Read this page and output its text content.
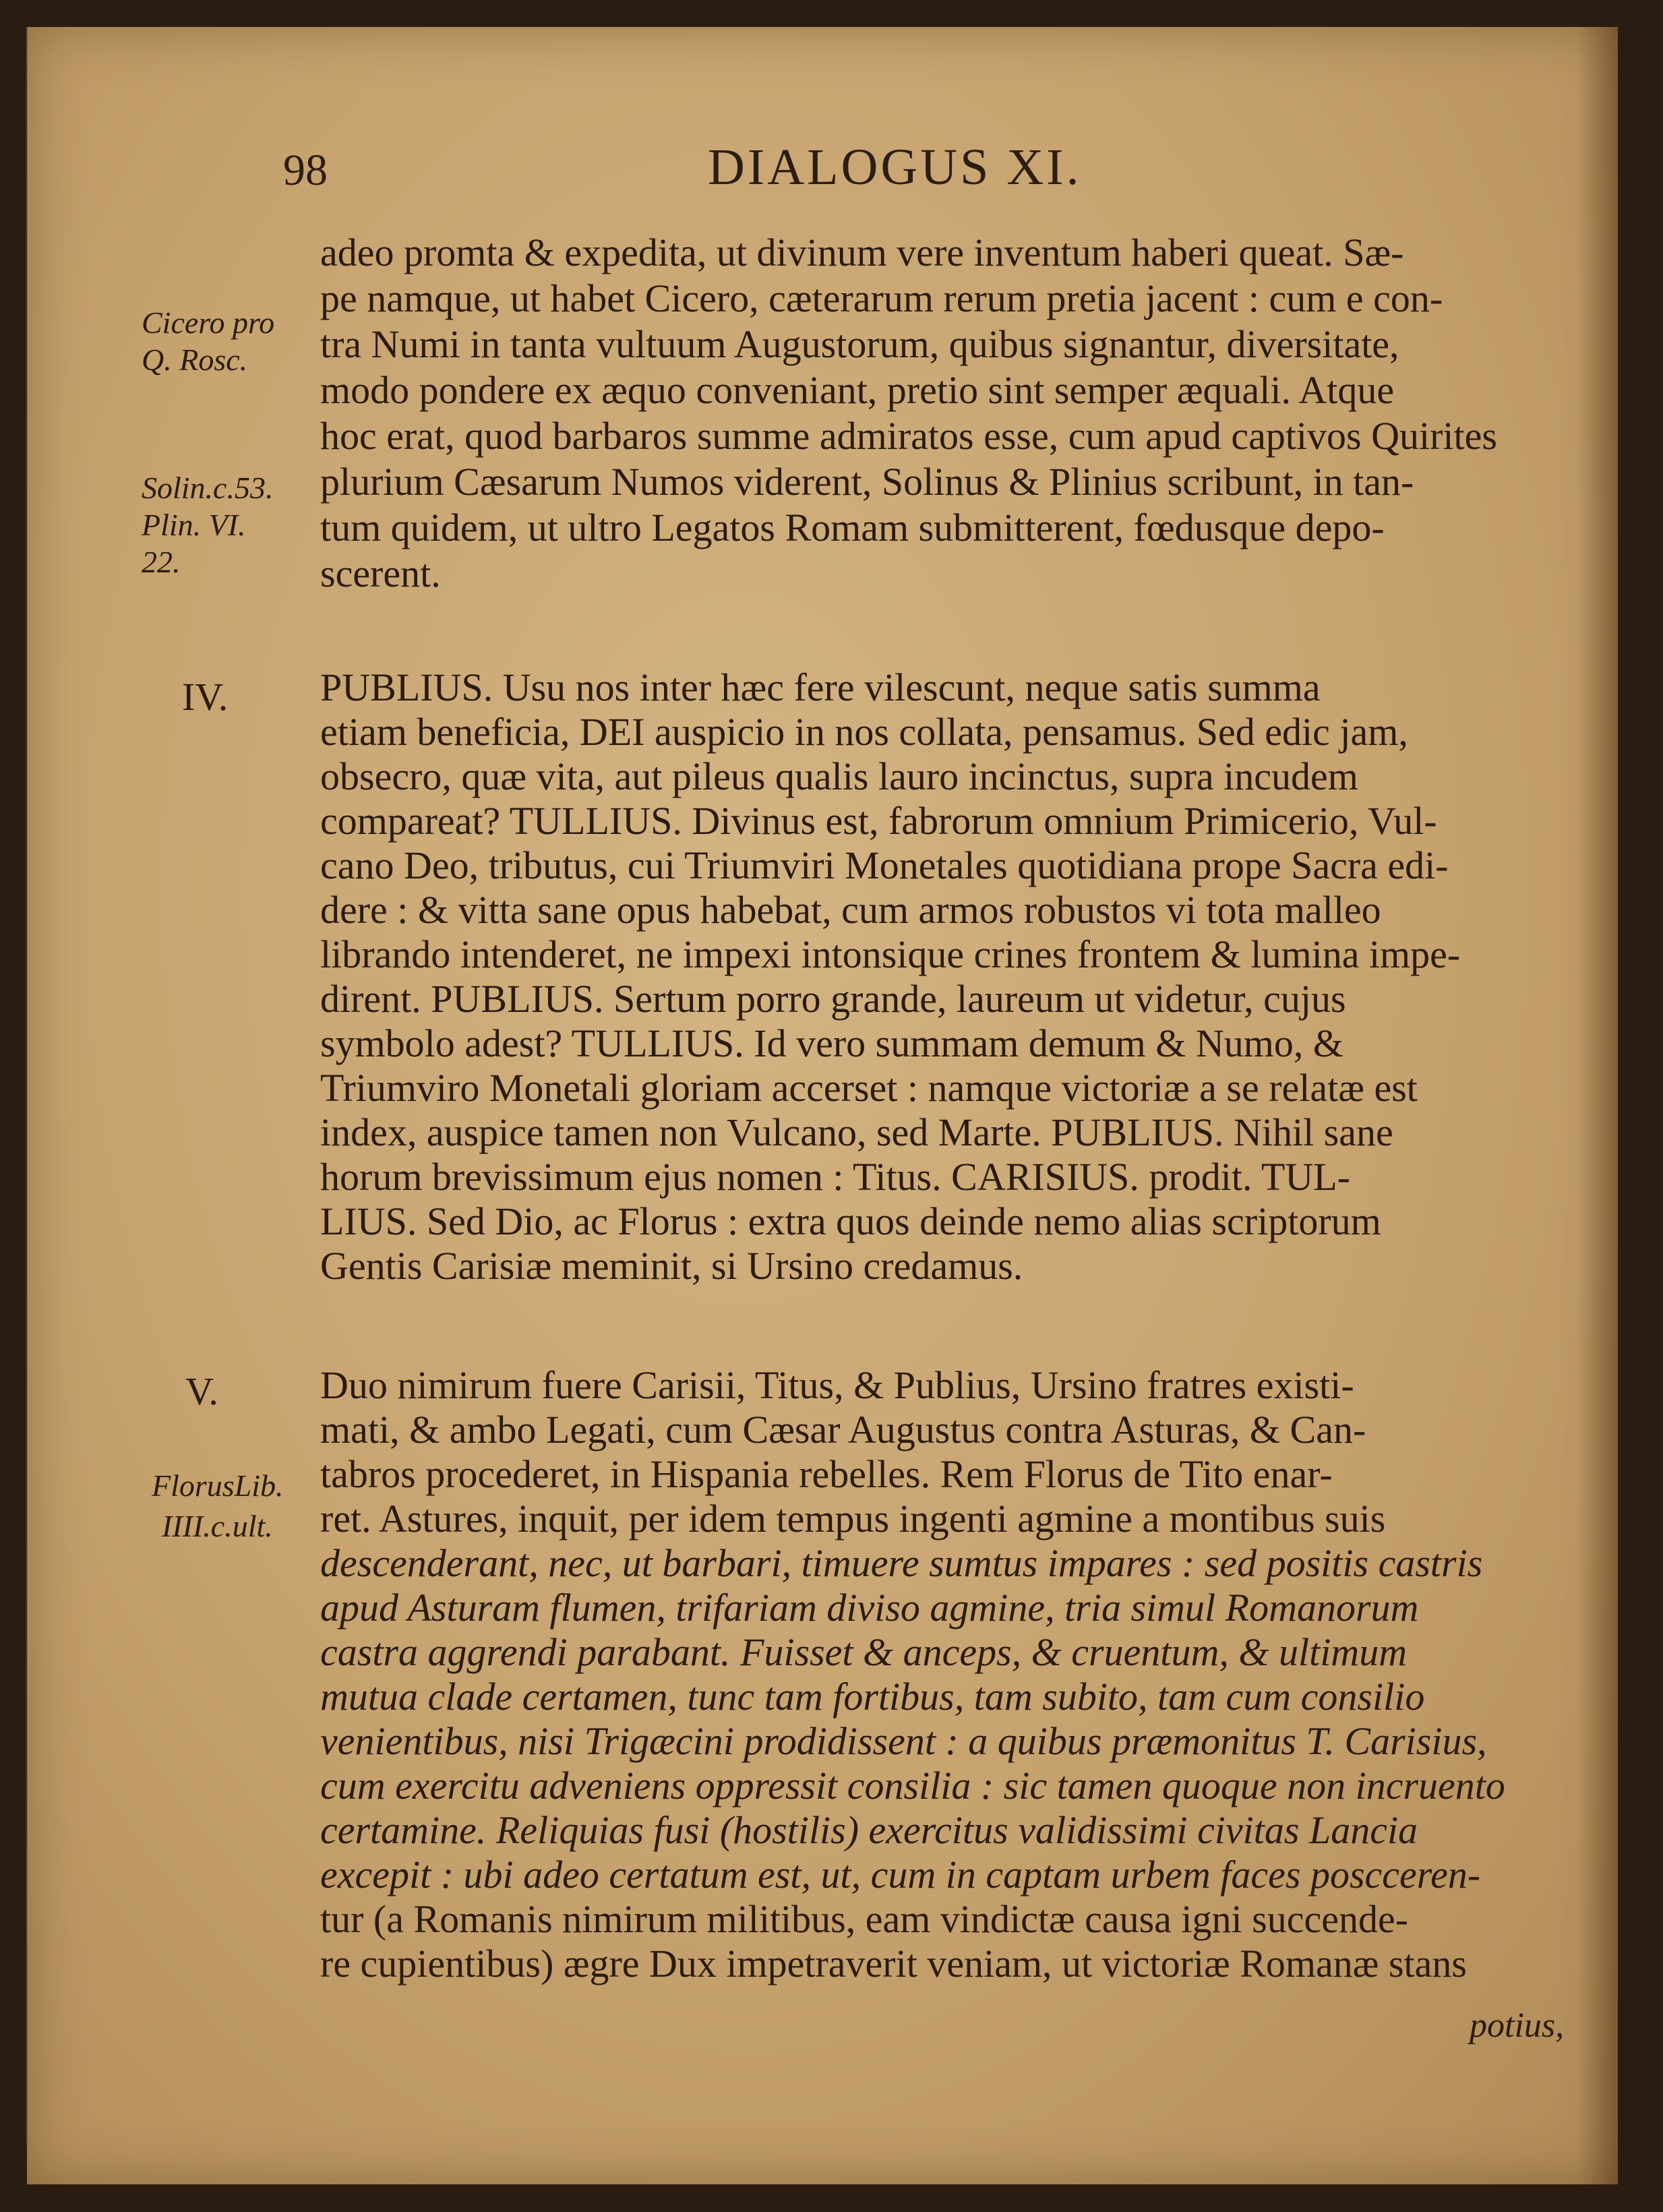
98	DIALOGUS XI.
Cicero pro
Q. Rosc.
Solin.c.53.
Plin. VI.
22.
FlorusLib.
IIII.c.ult.
IV.
V.
adeo promta & expedita, ut divinum vere inventum haberi queat. Sæ-
pe namque, ut habet Cicero, cæterarum rerum pretia jacent : cum e con-
tra Numi in tanta vultuum Augustorum, quibus signantur, diversitate,
modo pondere ex æquo conveniant, pretio sint semper æquali. Atque
hoc erat, quod barbaros summe admiratos esse, cum apud captivos Quirites
plurium Cæsarum Numos viderent, Solinus & Plinius scribunt, in tan-
tum quidem, ut ultro Legatos Romam submitterent, fœdusque depo-
scerent.
PUBLIUS. Usu nos inter hæc fere vilescunt, neque satis summa
etiam beneficia, DEI auspicio in nos collata, pensamus. Sed edic jam,
obsecro, quæ vita, aut pileus qualis lauro incinctus, supra incudem
compareat? TULLIUS. Divinus est, fabrorum omnium Primicerio, Vul-
cano Deo, tributus, cui Triumviri Monetales quotidiana prope Sacra edi-
dere : & vitta sane opus habebat, cum armos robustos vi tota malleo
librando intenderet, ne impexi intonsique crines frontem & lumina impe-
dirent. PUBLIUS. Sertum porro grande, laureum ut videtur, cujus
symbolo adest? TULLIUS. Id vero summam demum & Numo, &
Triumviro Monetali gloriam accerset : namque victoriæ a se relatæ est
index, auspice tamen non Vulcano, sed Marte. PUBLIUS. Nihil sane
horum brevissimum ejus nomen : Titus. CARISIUS. prodit. TUL-
LIUS. Sed Dio, ac Florus : extra quos deinde nemo alias scriptorum
Gentis Carisiæ meminit, si Ursino credamus.
Duo nimirum fuere Carisii, Titus, & Publius, Ursino fratres existi-
mati, & ambo Legati, cum Cæsar Augustus contra Asturas, & Can-
tabros procederet, in Hispania rebelles. Rem Florus de Tito enar-
ret. Astures, inquit, per idem tempus ingenti agmine a montibus suis
descenderant, nec, ut barbari, timuere sumtus impares : sed positis castris
apud Asturam flumen, trifariam diviso agmine, tria simul Romanorum
castra aggrendi parabant. Fuisset & anceps, & cruentum, & ultimum
mutua clade certamen, tunc tam fortibus, tam subito, tam cum consilio
venientibus, nisi Trigæcini prodidissent : a quibus præmonitus T. Carisius,
cum exercitu adveniens oppressit consilia : sic tamen quoque non incruento
certamine. Reliquias fusi (hostilis) exercitus validissimi civitas Lancia
excepit : ubi adeo certatum est, ut, cum in captam urbem faces poscceren-
tur (a Romanis nimirum militibus, eam vindictæ causa igni succende-
re cupientibus) ægre Dux impetraverit veniam, ut victoriæ Romanæ stans
potius,
